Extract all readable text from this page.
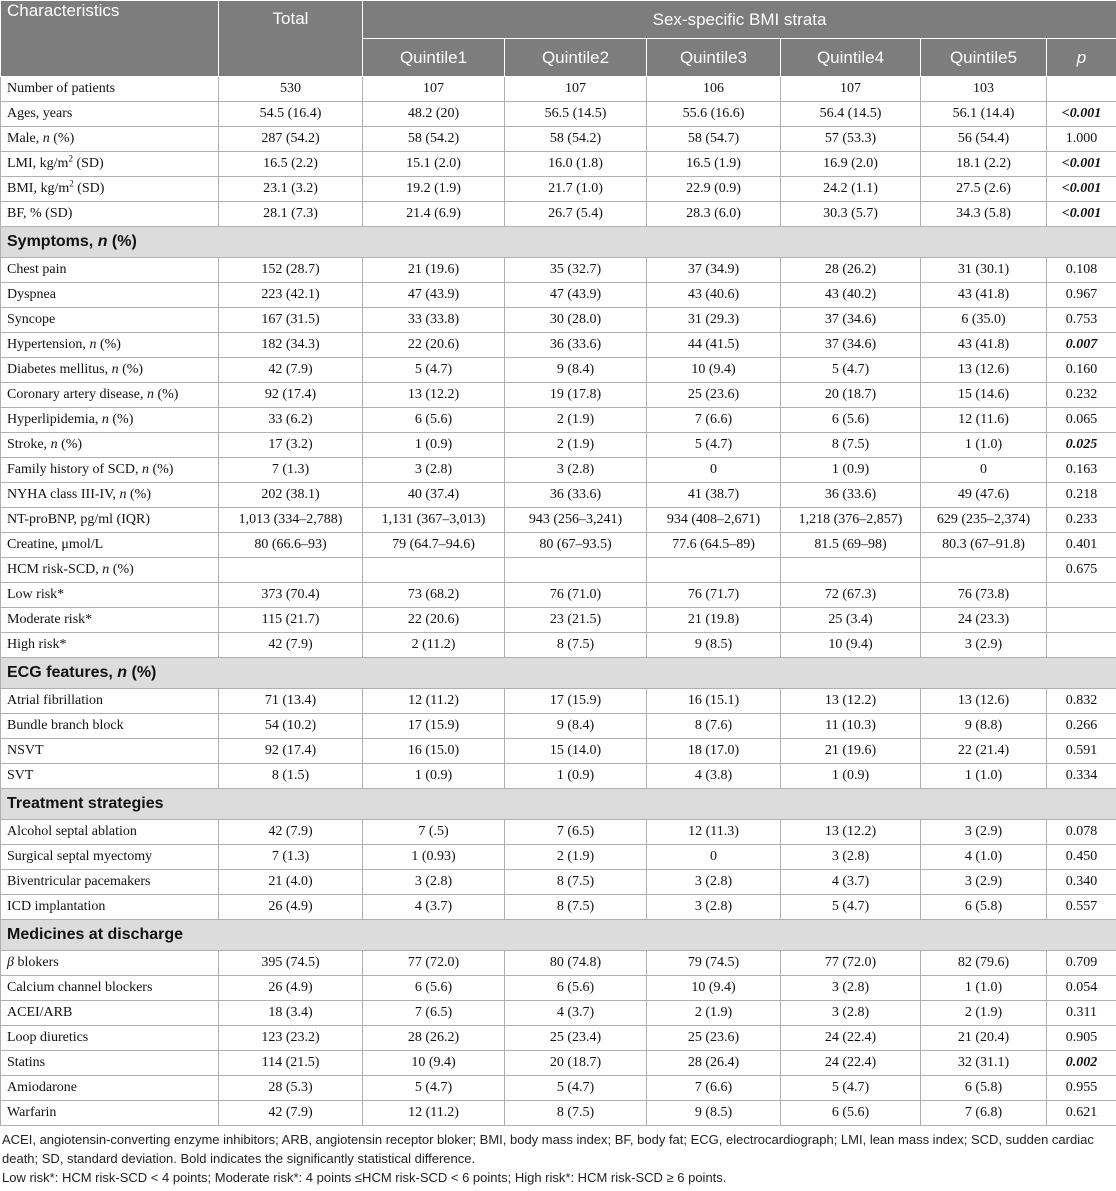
Characteristics	Total	Sex-specific BMI strata					
		Quintile1	Quintile2	Quintile3	Quintile4	Quintile5	p
Number of patients	530	107	107	106	107	103	
Ages, years	54.5 (16.4)	48.2 (20)	56.5 (14.5)	55.6 (16.6)	56.4 (14.5)	56.1 (14.4)	<0.001
Male, n (%)	287 (54.2)	58 (54.2)	58 (54.2)	58 (54.7)	57 (53.3)	56 (54.4)	1.000
LMI, $kg/m^2$ (SD)	16.5 (2.2)	15.1 (2.0)	16.0 (1.8)	16.5 (1.9)	16.9 (2.0)	18.1 (2.2)	<0.001
BMI, $kg/m^2$ (SD)	23.1 (3.2)	19.2 (1.9)	21.7 (1.0)	22.9 (0.9)	24.2 (1.1)	27.5 (2.6)	<0.001
BF, % (SD)	28.1 (7.3)	21.4 (6.9)	26.7 (5.4)	28.3 (6.0)	30.3 (5.7)	34.3 (5.8)	<0.001
Symptoms, n (%)							
Chest pain	152 (28.7)	21 (19.6)	35 (32.7)	37 (34.9)	28 (26.2)	31 (30.1)	0.108
Dyspnea	223 (42.1)	47 (43.9)	47 (43.9)	43 (40.6)	43 (40.2)	43 (41.8)	0.967
Syncope	167 (31.5)	33 (33.8)	30 (28.0)	31 (29.3)	37 (34.6)	6 (35.0)	0.753
Hypertension, n (%)	182 (34.3)	22 (20.6)	36 (33.6)	44 (41.5)	37 (34.6)	43 (41.8)	0.007
Diabetes mellitus, n (%)	42 (7.9)	5 (4.7)	9 (8.4)	10 (9.4)	5 (4.7)	13 (12.6)	0.160
Coronary artery disease, n (%)	92 (17.4)	13 (12.2)	19 (17.8)	25 (23.6)	20 (18.7)	15 (14.6)	0.232
Hyperlipidemia, n (%)	33 (6.2)	6 (5.6)	2 (1.9)	7 (6.6)	6 (5.6)	12 (11.6)	0.065
Stroke, n (%)	17 (3.2)	1 (0.9)	2 (1.9)	5 (4.7)	8 (7.5)	1 (1.0)	0.025
Family history of SCD, n (%)	7 (1.3)	3 (2.8)	3 (2.8)	0	1 (0.9)	0	0.163
NYHA class III-IV, n (%)	202 (38.1)	40 (37.4)	36 (33.6)	41 (38.7)	36 (33.6)	49 (47.6)	0.218
NT-proBNP, pg/ml (IQR)	1,013 (334–2,788)	1,131 (367–3,013)	943 (256–3,241)	934 (408–2,671)	1,218 (376–2,857)	629 (235–2,374)	0.233
Creatine, μmol/L	80 (66.6–93)	79 (64.7–94.6)	80 (67–93.5)	77.6 (64.5–89)	81.5 (69–98)	80.3 (67–91.8)	0.401
HCM risk-SCD, n (%)							0.675
Low risk*	373 (70.4)	73 (68.2)	76 (71.0)	76 (71.7)	72 (67.3)	76 (73.8)	
Moderate risk*	115 (21.7)	22 (20.6)	23 (21.5)	21 (19.8)	25 (3.4)	24 (23.3)	
High risk*	42 (7.9)	2 (11.2)	8 (7.5)	9 (8.5)	10 (9.4)	3 (2.9)	
ECG features, n (%)							
Atrial fibrillation	71 (13.4)	12 (11.2)	17 (15.9)	16 (15.1)	13 (12.2)	13 (12.6)	0.832
Bundle branch block	54 (10.2)	17 (15.9)	9 (8.4)	8 (7.6)	11 (10.3)	9 (8.8)	0.266
NSVT	92 (17.4)	16 (15.0)	15 (14.0)	18 (17.0)	21 (19.6)	22 (21.4)	0.591
SVT	8 (1.5)	1 (0.9)	1 (0.9)	4 (3.8)	1 (0.9)	1 (1.0)	0.334
Treatment strategies							
Alcohol septal ablation	42 (7.9)	7 (.5)	7 (6.5)	12 (11.3)	13 (12.2)	3 (2.9)	0.078
Surgical septal myectomy	7 (1.3)	1 (0.93)	2 (1.9)	0	3 (2.8)	4 (1.0)	0.450
Biventricular pacemakers	21 (4.0)	3 (2.8)	8 (7.5)	3 (2.8)	4 (3.7)	3 (2.9)	0.340
ICD implantation	26 (4.9)	4 (3.7)	8 (7.5)	3 (2.8)	5 (4.7)	6 (5.8)	0.557
Medicines at discharge							
β blokers	395 (74.5)	77 (72.0)	80 (74.8)	79 (74.5)	77 (72.0)	82 (79.6)	0.709
Calcium channel blockers	26 (4.9)	6 (5.6)	6 (5.6)	10 (9.4)	3 (2.8)	1 (1.0)	0.054
ACEI/ARB	18 (3.4)	7 (6.5)	4 (3.7)	2 (1.9)	3 (2.8)	2 (1.9)	0.311
Loop diuretics	123 (23.2)	28 (26.2)	25 (23.4)	25 (23.6)	24 (22.4)	21 (20.4)	0.905
Statins	114 (21.5)	10 (9.4)	20 (18.7)	28 (26.4)	24 (22.4)	32 (31.1)	0.002
Amiodarone	28 (5.3)	5 (4.7)	5 (4.7)	7 (6.6)	5 (4.7)	6 (5.8)	0.955
Warfarin	42 (7.9)	12 (11.2)	8 (7.5)	9 (8.5)	6 (5.6)	7 (6.8)	0.621
ACEI, angiotensin-converting enzyme inhibitors; ARB, angiotensin receptor bloker; BMI, body mass index; BF, body fat; ECG, electrocardiograph; LMI, lean mass index; SCD, sudden cardiac death; SD, standard deviation. Bold indicates the significantly statistical difference.
Low risk*: HCM risk-SCD < 4 points; Moderate risk*: 4 points ≤HCM risk-SCD < 6 points; High risk*: HCM risk-SCD ≥ 6 points.
